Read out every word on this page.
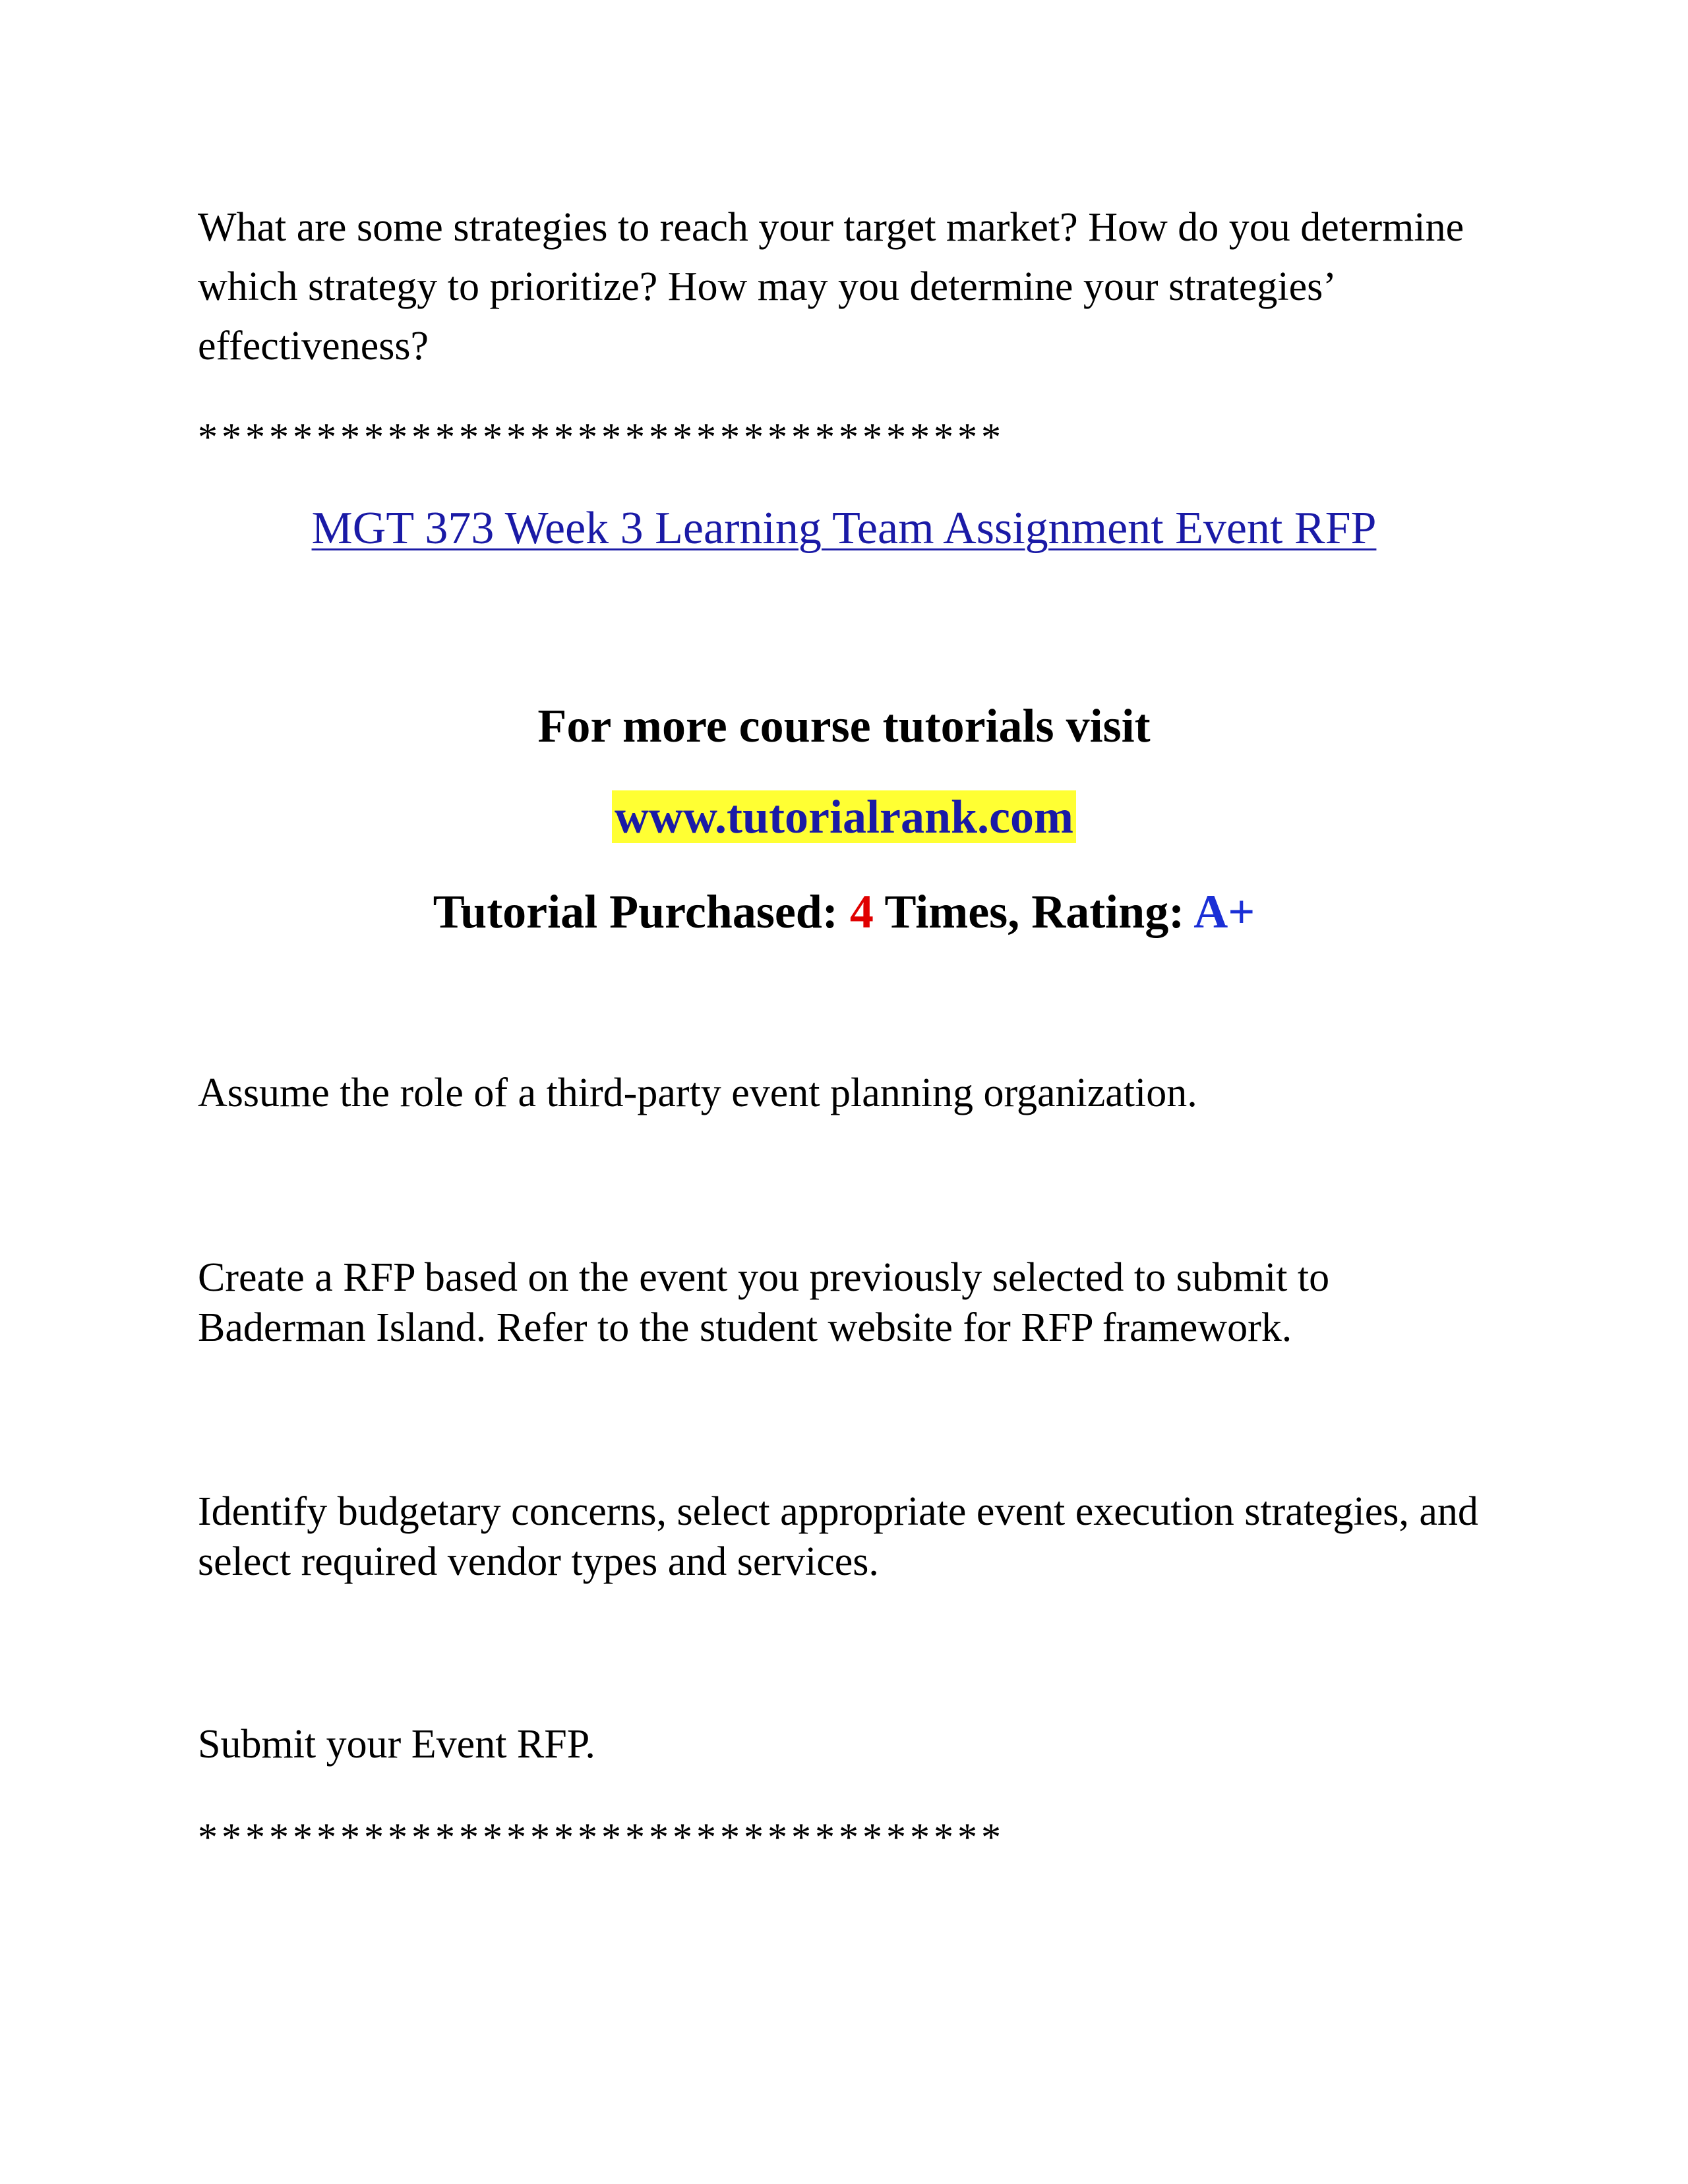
What are some strategies to reach your target market? How do you determine which strategy to prioritize? How may you determine your strategies’ effectiveness?

**********************************

MGT 373 Week 3 Learning Team Assignment Event RFP

For more course tutorials visit

www.tutorialrank.com

Tutorial Purchased: 4 Times, Rating: A+

Assume the role of a third-party event planning organization.

Create a RFP based on the event you previously selected to submit to Baderman Island. Refer to the student website for RFP framework.

Identify budgetary concerns, select appropriate event execution strategies, and select required vendor types and services.

Submit your Event RFP.

**********************************
